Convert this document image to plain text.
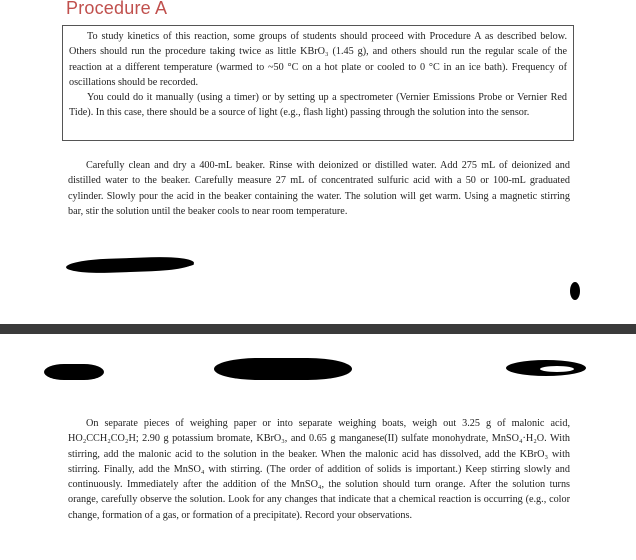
Procedure A

To study kinetics of this reaction, some groups of students should proceed with Procedure A as described below. Others should run the procedure taking twice as little KBrO₃ (1.45 g), and others should run the regular scale of the reaction at a different temperature (warmed to ~50 °C on a hot plate or cooled to 0 °C in an ice bath). Frequency of oscillations should be recorded.

You could do it manually (using a timer) or by setting up a spectrometer (Vernier Emissions Probe or Vernier Red Tide). In this case, there should be a source of light (e.g., flash light) passing through the solution into the sensor.

Carefully clean and dry a 400-mL beaker. Rinse with deionized or distilled water. Add 275 mL of deionized and distilled water to the beaker. Carefully measure 27 mL of concentrated sulfuric acid with a 50 or 100-mL graduated cylinder. Slowly pour the acid in the beaker containing the water. The solution will get warm. Using a magnetic stirring bar, stir the solution until the beaker cools to near room temperature.

On separate pieces of weighing paper or into separate weighing boats, weigh out 3.25 g of malonic acid, HO₂CCH₂CO₂H; 2.90 g potassium bromate, KBrO₃, and 0.65 g manganese(II) sulfate monohydrate, MnSO₄·H₂O. With stirring, add the malonic acid to the solution in the beaker. When the malonic acid has dissolved, add the KBrO₃ with stirring. Finally, add the MnSO₄ with stirring. (The order of addition of solids is important.) Keep stirring slowly and continuously. Immediately after the addition of the MnSO₄, the solution should turn orange. After the solution turns orange, carefully observe the solution. Look for any changes that indicate that a chemical reaction is occurring (e.g., color change, formation of a gas, or formation of a precipitate). Record your observations.
